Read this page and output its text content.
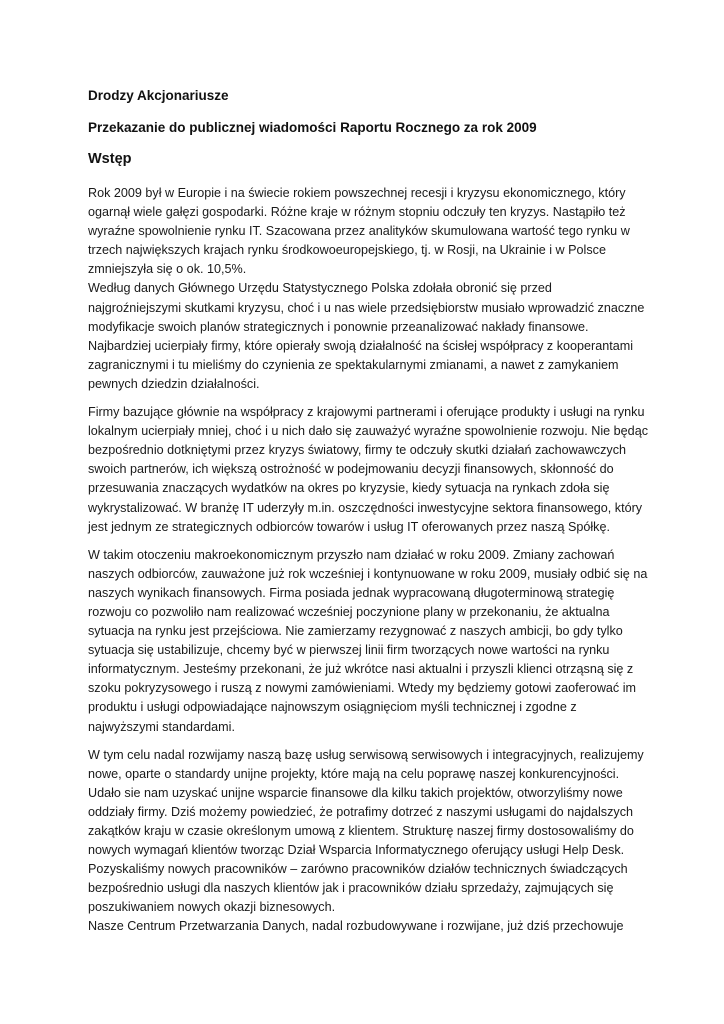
Drodzy Akcjonariusze

Przekazanie do publicznej wiadomości Raportu Rocznego za rok 2009

Wstęp

Rok 2009 był w Europie i na świecie rokiem powszechnej recesji i kryzysu ekonomicznego, który ogarnął wiele gałęzi gospodarki. Różne kraje w różnym stopniu odczuły ten kryzys. Nastąpiło też wyraźne spowolnienie rynku IT. Szacowana przez analityków skumulowana wartość tego rynku w trzech największych krajach rynku środkowoeuropejskiego, tj. w Rosji, na Ukrainie i w Polsce zmniejszyła się o ok. 10,5%.

Według danych Głównego Urzędu Statystycznego Polska zdołała obronić się przed najgroźniejszymi skutkami kryzysu, choć i u nas wiele przedsiębiorstw musiało wprowadzić znaczne modyfikacje swoich planów strategicznych i ponownie przeanalizować nakłady finansowe. Najbardziej ucierpiały firmy, które opierały swoją działalność na ścisłej współpracy z kooperantami zagranicznymi i tu mieliśmy do czynienia ze spektakularnymi zmianami, a nawet z zamykaniem pewnych dziedzin działalności.

Firmy bazujące głównie na współpracy z krajowymi partnerami i oferujące produkty i usługi na rynku lokalnym ucierpiały mniej, choć i u nich dało się zauważyć wyraźne spowolnienie rozwoju. Nie będąc bezpośrednio dotkniętymi przez kryzys światowy, firmy te odczuły skutki działań zachowawczych swoich partnerów, ich większą ostrożność w podejmowaniu decyzji finansowych, skłonność do przesuwania znaczących wydatków na okres po kryzysie, kiedy sytuacja na rynkach zdoła się wykrystalizować. W branżę IT uderzyły m.in. oszczędności inwestycyjne sektora finansowego, który jest jednym ze strategicznych odbiorców towarów i usług IT oferowanych przez naszą Spółkę.

W takim otoczeniu makroekonomicznym przyszło nam działać w roku 2009. Zmiany zachowań naszych odbiorców, zauważone już rok wcześniej i kontynuowane w roku 2009, musiały odbić się na naszych wynikach finansowych. Firma posiada jednak wypracowaną długoterminową strategię rozwoju co pozwoliło nam realizować wcześniej poczynione plany w przekonaniu, że aktualna sytuacja na rynku jest przejściowa. Nie zamierzamy rezygnować z naszych ambicji, bo gdy tylko sytuacja się ustabilizuje, chcemy być w pierwszej linii firm tworzących nowe wartości na rynku informatycznym. Jesteśmy przekonani, że już wkrótce nasi aktualni i przyszli klienci otrząsną się z szoku pokryzysowego i ruszą z nowymi zamówieniami. Wtedy my będziemy gotowi zaoferować im produktu i usługi odpowiadające najnowszym osiągnięciom myśli technicznej i zgodne z najwyższymi standardami.

W tym celu nadal rozwijamy naszą bazę usług serwisową serwisowych i integracyjnych, realizujemy nowe, oparte o standardy unijne projekty, które mają na celu poprawę naszej konkurencyjności. Udało sie nam uzyskać unijne wsparcie finansowe dla kilku takich projektów, otworzyliśmy nowe oddziały firmy. Dziś możemy powiedzieć, że potrafimy dotrzeć z naszymi usługami do najdalszych zakątków kraju w czasie określonym umową z klientem. Strukturę naszej firmy dostosowaliśmy do nowych wymagań klientów tworząc Dział Wsparcia Informatycznego oferujący usługi Help Desk. Pozyskaliśmy nowych pracowników – zarówno pracowników działów technicznych świadczących bezpośrednio usługi dla naszych klientów jak i pracowników działu sprzedaży, zajmujących się poszukiwaniem nowych okazji biznesowych.

Nasze Centrum Przetwarzania Danych, nadal rozbudowywane i rozwijane, już dziś przechowuje
